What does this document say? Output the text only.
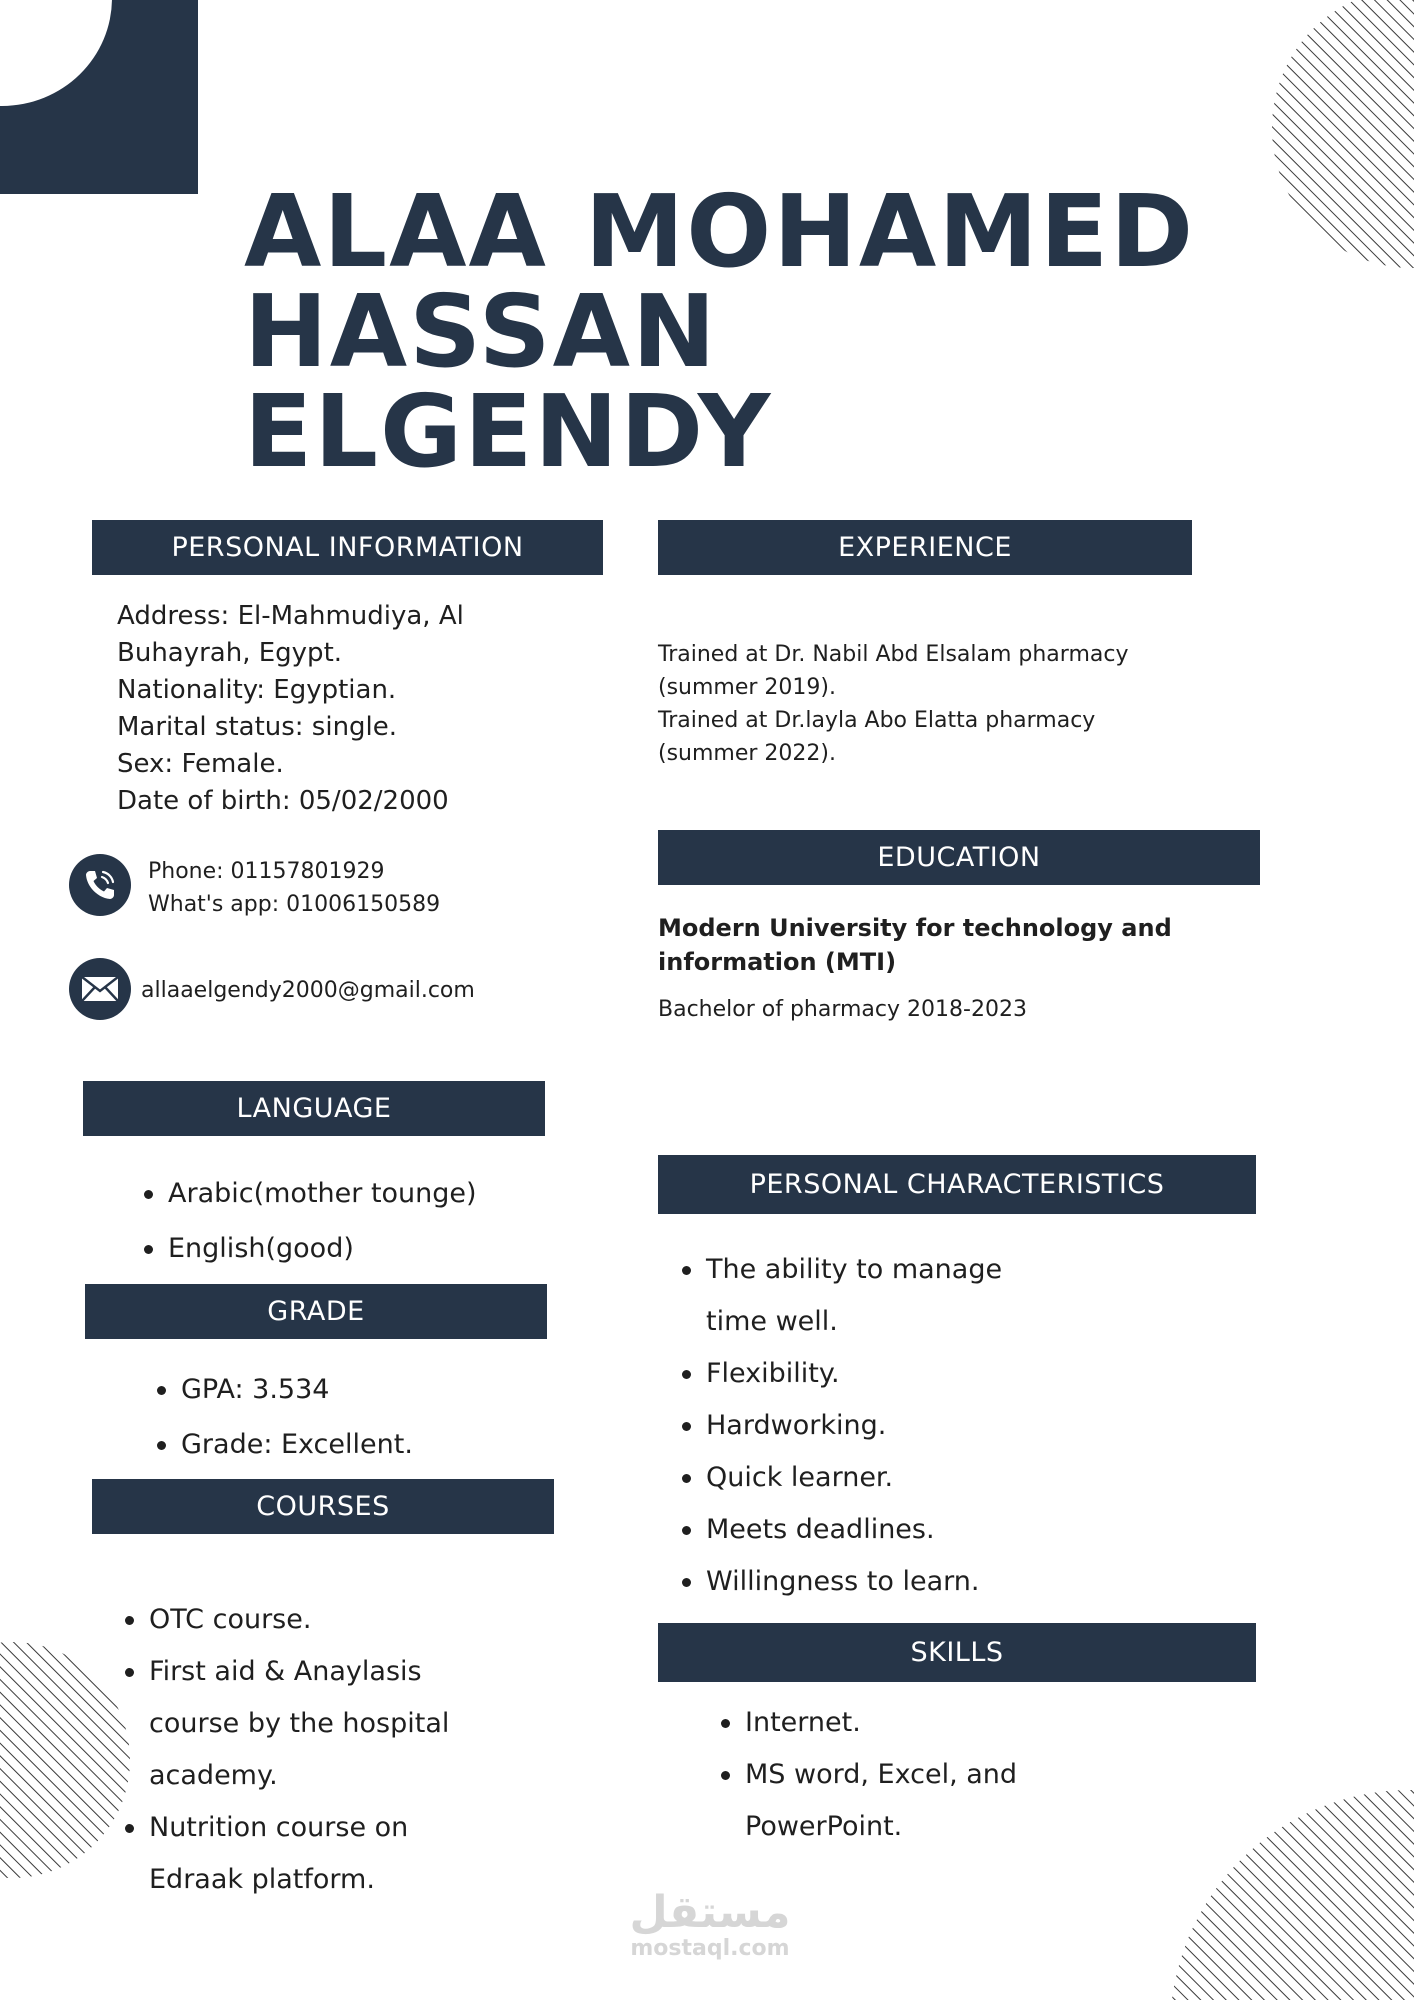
ALAA MOHAMED
HASSAN ELGENDY
PERSONAL INFORMATION

Address: El-Mahmudiya, Al

Buhayrah, Egypt.

Nationality: Egyptian.

Marital status: single.

Sex: Female.

Date of birth: 05/02/2000

Phone: 01157801929

What's app: 01006150589

allaaelgendy2000@gmail.com

EXPERIENCE

Trained at Dr. Nabil Abd Elsalam pharmacy

(summer 2019).

Trained at Dr.layla Abo Elatta pharmacy

(summer 2022).

EDUCATION

Modern University for technology and

information (MTI)

Bachelor of pharmacy 2018-2023

LANGUAGE
Arabic(mother tounge)
English(good)
GRADE
GPA: 3.534
Grade: Excellent.
COURSES
OTC course.
First aid & Anaylasis
course by the hospital
academy.
Nutrition course on
Edraak platform.
PERSONAL CHARACTERISTICS
The ability to manage
time well.
Flexibility.
Hardworking.
Quick learner.
Meets deadlines.
Willingness to learn.
SKILLS
Internet.
MS word, Excel, and
PowerPoint.
مستقل
mostaql.com
